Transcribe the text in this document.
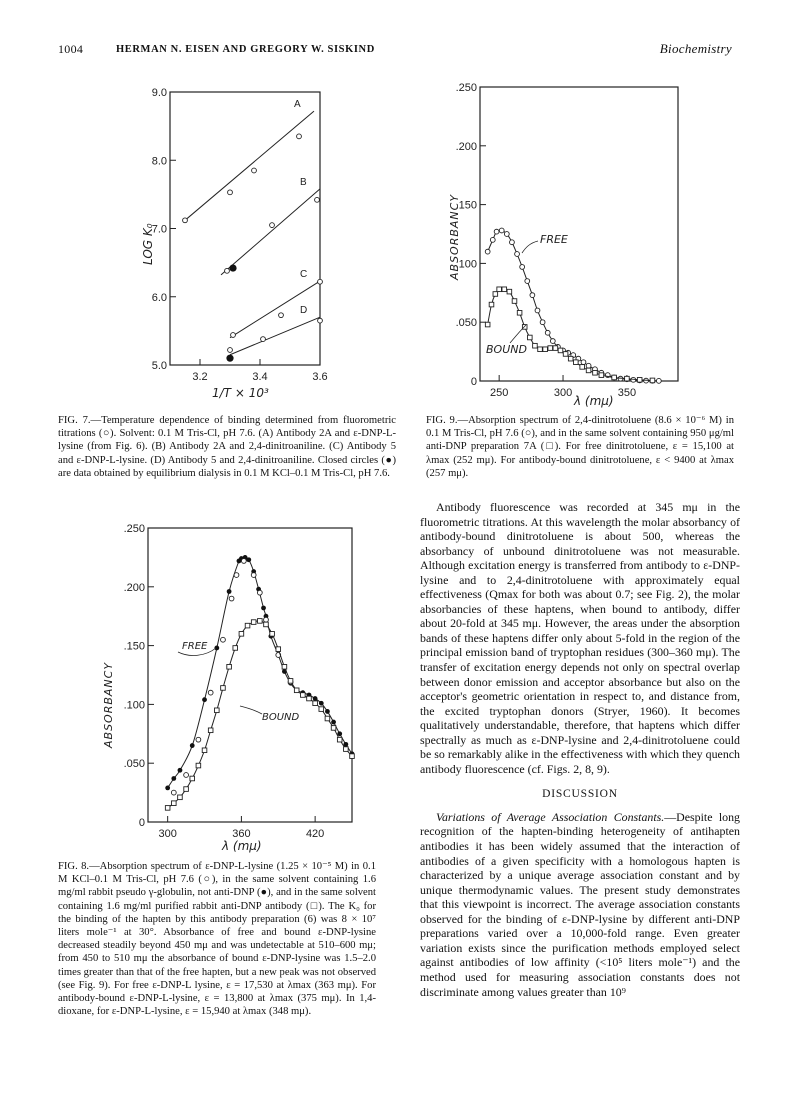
1004	HERMAN N. EISEN AND GREGORY W. SISKIND	Biochemistry
3.2	3.4	3.6
5.0
6.0
7.0
8.0
9.0
A
B
C
D
LOG K₀
1/T × 10³
FIG. 7.—Temperature dependence of binding determined from fluorometric titrations (○). Solvent: 0.1 M Tris-Cl, pH 7.6. (A) Antibody 2A and ε-DNP-L-lysine (from Fig. 6). (B) Antibody 2A and 2,4-dinitroaniline. (C) Antibody 5 and ε-DNP-L-lysine. (D) Antibody 5 and 2,4-dinitroaniline. Closed circles (●) are data obtained by equilibrium dialysis in 0.1 M KCl–0.1 M Tris-Cl, pH 7.6.
250	300	350
0
.050
.100
.150
.200
.250
ABSORBANCY
λ (mμ)
FREE
BOUND
FIG. 9.—Absorption spectrum of 2,4-dinitrotoluene (8.6 × 10⁻⁶ M) in 0.1 M Tris-Cl, pH 7.6 (○), and in the same solvent containing 950 μg/ml anti-DNP preparation 7A (□). For free dinitrotoluene, ε = 15,100 at λmax (252 mμ). For antibody-bound dinitrotoluene, ε < 9400 at λmax (257 mμ).
300	360	420
0
.050
.100
.150
.200
.250
ABSORBANCY
λ (mμ)
FREE
BOUND
FIG. 8.—Absorption spectrum of ε-DNP-L-lysine (1.25 × 10⁻⁵ M) in 0.1 M KCl–0.1 M Tris-Cl, pH 7.6 (○), in the same solvent containing 1.6 mg/ml rabbit pseudo γ-globulin, not anti-DNP (●), and in the same solvent containing 1.6 mg/ml purified rabbit anti-DNP antibody (□). The K₀ for the binding of the hapten by this antibody preparation (6) was 8 × 10⁷ liters mole⁻¹ at 30°. Absorbance of free and bound ε-DNP-lysine decreased steadily beyond 450 mμ and was undetectable at 510–600 mμ; from 450 to 510 mμ the absorbance of bound ε-DNP-lysine was 1.5–2.0 times greater than that of the free hapten, but a new peak was not observed (see Fig. 9). For free ε-DNP-L lysine, ε = 17,530 at λmax (363 mμ). For antibody-bound ε-DNP-L-lysine, ε = 13,800 at λmax (375 mμ). In 1,4-dioxane, for ε-DNP-L-lysine, ε = 15,940 at λmax (348 mμ).

Antibody fluorescence was recorded at 345 mμ in the fluorometric titrations. At this wavelength the molar absorbancy of antibody-bound dinitrotoluene is about 500, whereas the absorbancy of unbound dinitrotoluene was not measurable. Although excitation energy is transferred from antibody to ε-DNP-lysine and to 2,4-dinitrotoluene with approximately equal effectiveness (Qmax for both was about 0.7; see Fig. 2), the molar absorbancies of these haptens, when bound to antibody, differ about 20-fold at 345 mμ. However, the areas under the absorption bands of these haptens differ only about 5-fold in the region of the principal emission band of tryptophan residues (300–360 mμ). The transfer of excitation energy depends not only on spectral overlap between donor emission and acceptor absorbance but also on the acceptor's geometric orientation in respect to, and distance from, the excited tryptophan donors (Stryer, 1960). It becomes qualitatively understandable, therefore, that haptens which differ spectrally as much as ε-DNP-lysine and 2,4-dinitrotoluene could be so remarkably alike in the effectiveness with which they quench antibody fluorescence (cf. Figs. 2, 8, 9).

DISCUSSION

Variations of Average Association Constants.—Despite long recognition of the hapten-binding heterogeneity of antihapten antibodies it has been widely assumed that the interaction of antibodies of a given specificity with a homologous hapten is characterized by a unique average association constant and by unique thermodynamic values. The present study demonstrates that this viewpoint is incorrect. The average association constants observed for the binding of ε-DNP-lysine by different anti-DNP preparations varied over a 10,000-fold range. Even greater variation exists since the purification methods employed select against antibodies of low affinity (<10⁵ liters mole⁻¹) and the method used for measuring association constants does not discriminate among values greater than 10⁹
